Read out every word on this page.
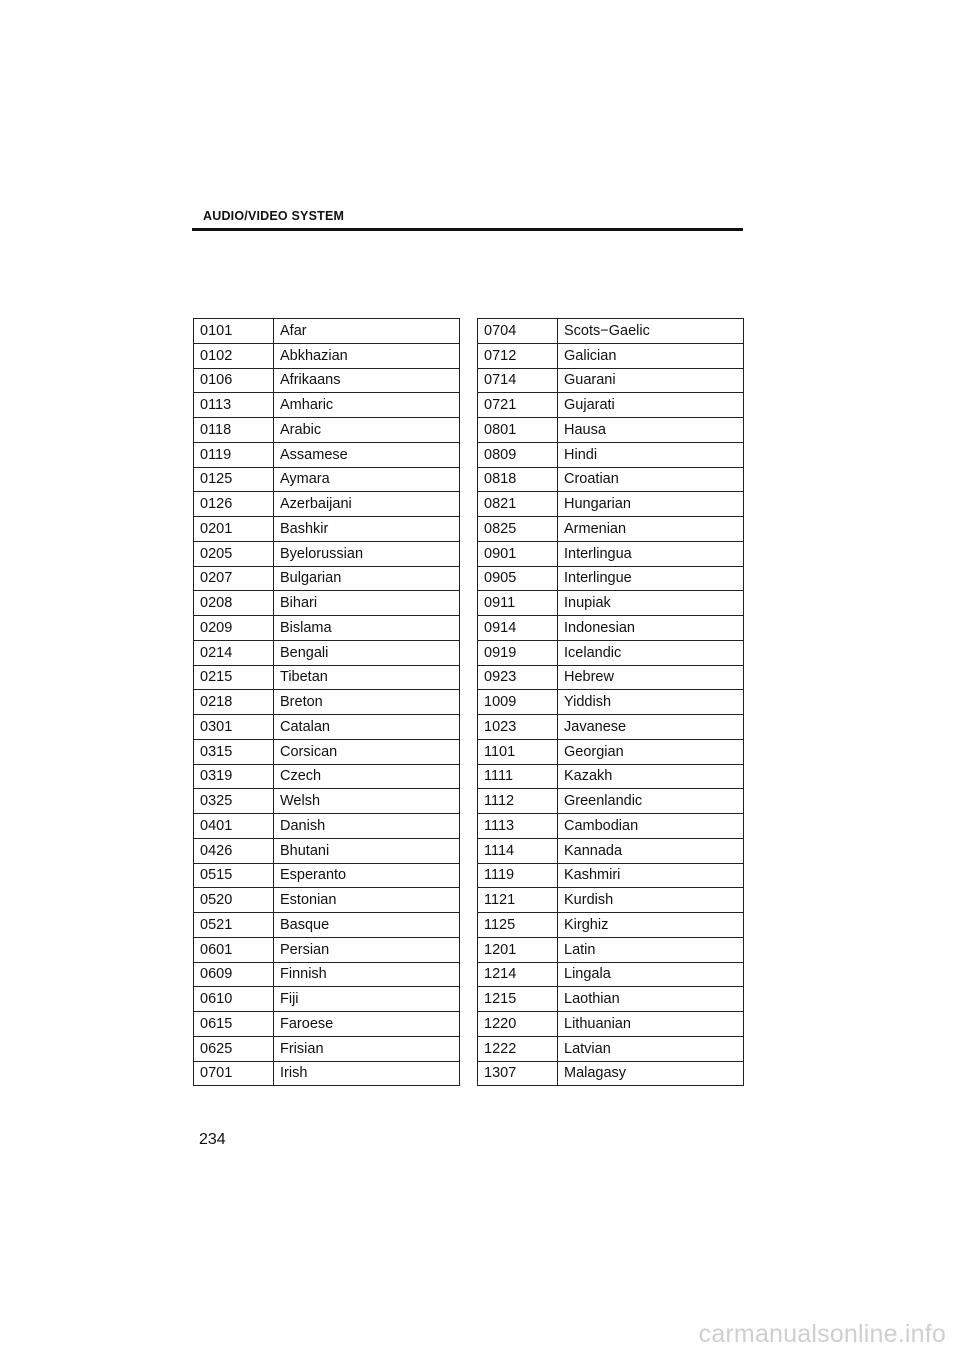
AUDIO/VIDEO SYSTEM
0101	Afar
0102	Abkhazian
0106	Afrikaans
0113	Amharic
0118	Arabic
0119	Assamese
0125	Aymara
0126	Azerbaijani
0201	Bashkir
0205	Byelorussian
0207	Bulgarian
0208	Bihari
0209	Bislama
0214	Bengali
0215	Tibetan
0218	Breton
0301	Catalan
0315	Corsican
0319	Czech
0325	Welsh
0401	Danish
0426	Bhutani
0515	Esperanto
0520	Estonian
0521	Basque
0601	Persian
0609	Finnish
0610	Fiji
0615	Faroese
0625	Frisian
0701	Irish
0704	Scots−Gaelic
0712	Galician
0714	Guarani
0721	Gujarati
0801	Hausa
0809	Hindi
0818	Croatian
0821	Hungarian
0825	Armenian
0901	Interlingua
0905	Interlingue
0911	Inupiak
0914	Indonesian
0919	Icelandic
0923	Hebrew
1009	Yiddish
1023	Javanese
1101	Georgian
1111	Kazakh
1112	Greenlandic
1113	Cambodian
1114	Kannada
1119	Kashmiri
1121	Kurdish
1125	Kirghiz
1201	Latin
1214	Lingala
1215	Laothian
1220	Lithuanian
1222	Latvian
1307	Malagasy
234
carmanualsonline.info
